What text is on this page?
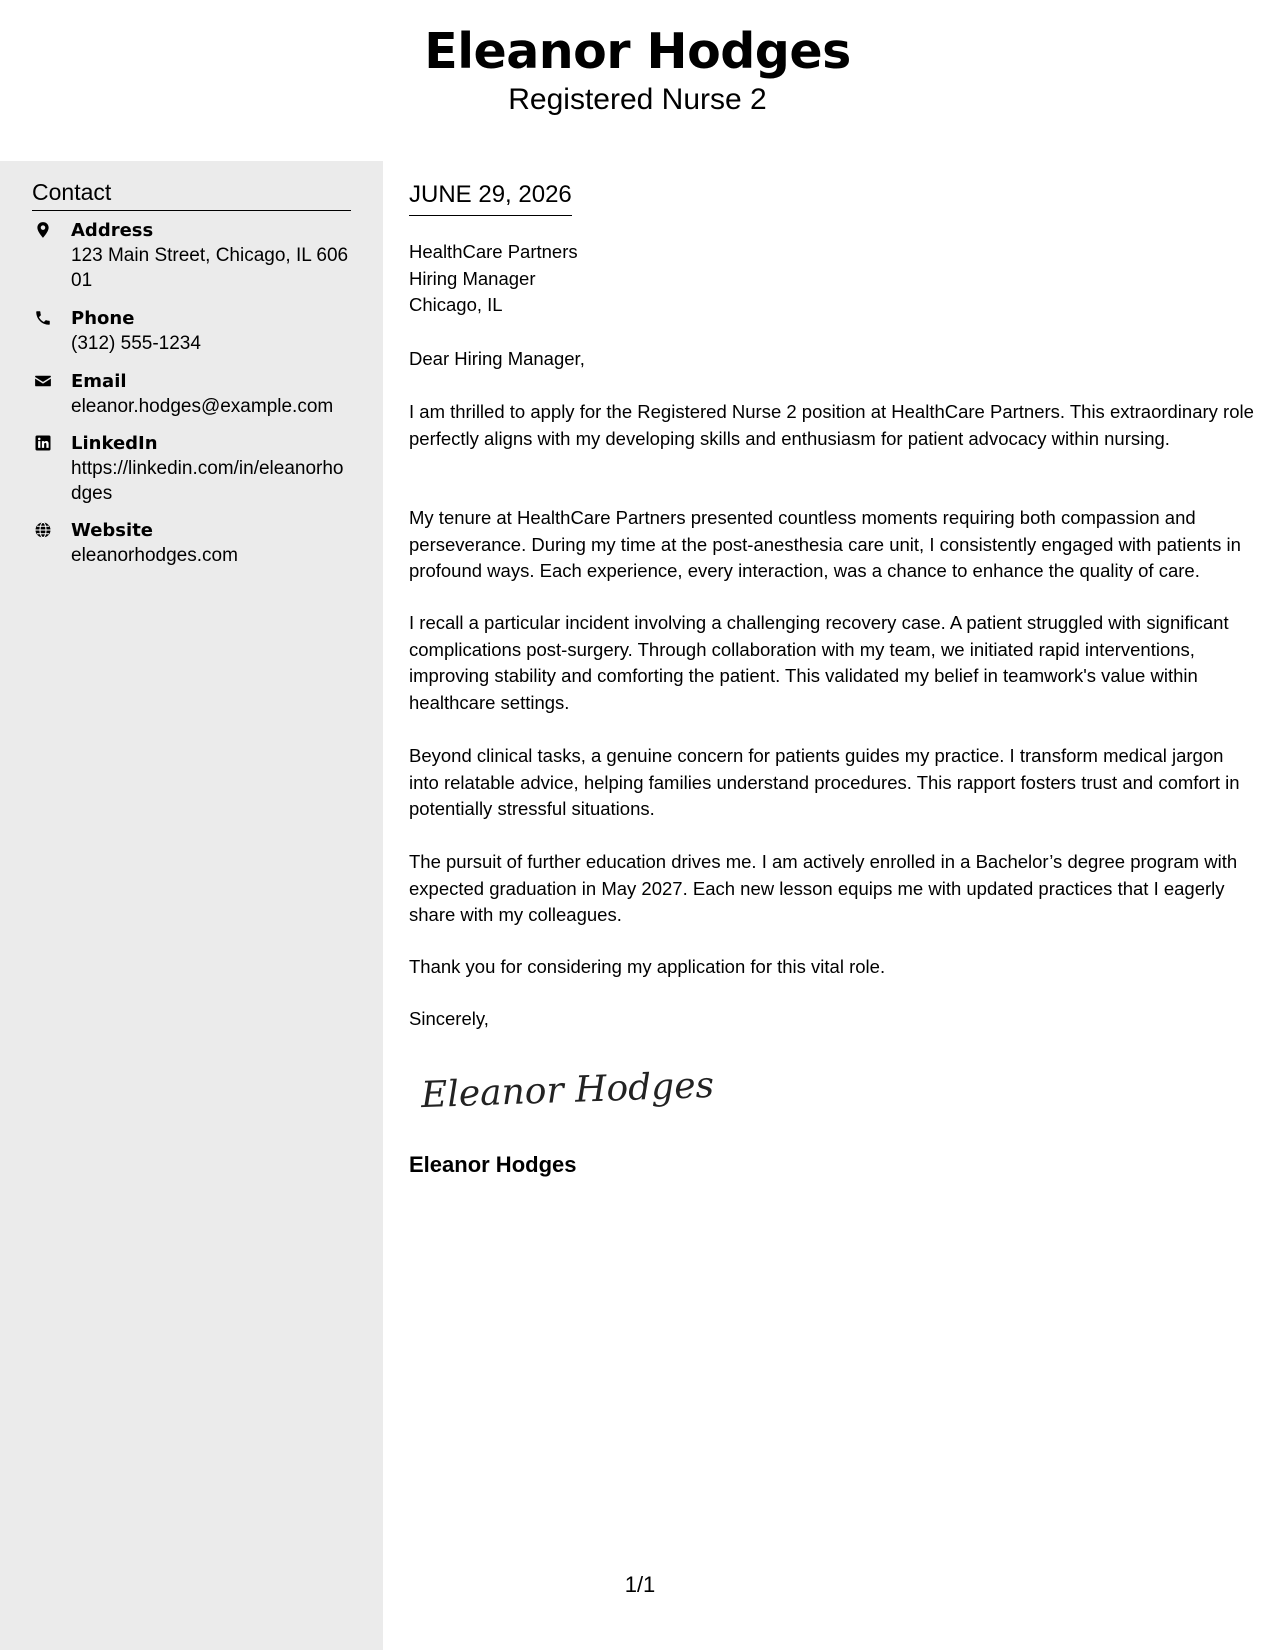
Eleanor Hodges
Registered Nurse 2
Contact
Address
123 Main Street, Chicago, IL 60601
Phone
(312) 555-1234
Email
eleanor.hodges@example.com
LinkedIn
https://linkedin.com/in/eleanorhodges
Website
eleanorhodges.com
JUNE 29, 2026
HealthCare Partners
Hiring Manager
Chicago, IL
Dear Hiring Manager,
I am thrilled to apply for the Registered Nurse 2 position at HealthCare Partners. This extraordinary role perfectly aligns with my developing skills and enthusiasm for patient advocacy within nursing.
My tenure at HealthCare Partners presented countless moments requiring both compassion and perseverance. During my time at the post-anesthesia care unit, I consistently engaged with patients in profound ways. Each experience, every interaction, was a chance to enhance the quality of care.
I recall a particular incident involving a challenging recovery case. A patient struggled with significant complications post-surgery. Through collaboration with my team, we initiated rapid interventions, improving stability and comforting the patient. This validated my belief in teamwork's value within healthcare settings.
Beyond clinical tasks, a genuine concern for patients guides my practice. I transform medical jargon into relatable advice, helping families understand procedures. This rapport fosters trust and comfort in potentially stressful situations.
The pursuit of further education drives me. I am actively enrolled in a Bachelor’s degree program with expected graduation in May 2027. Each new lesson equips me with updated practices that I eagerly share with my colleagues.
Thank you for considering my application for this vital role.
Sincerely,
Eleanor Hodges
Eleanor Hodges
1/1
